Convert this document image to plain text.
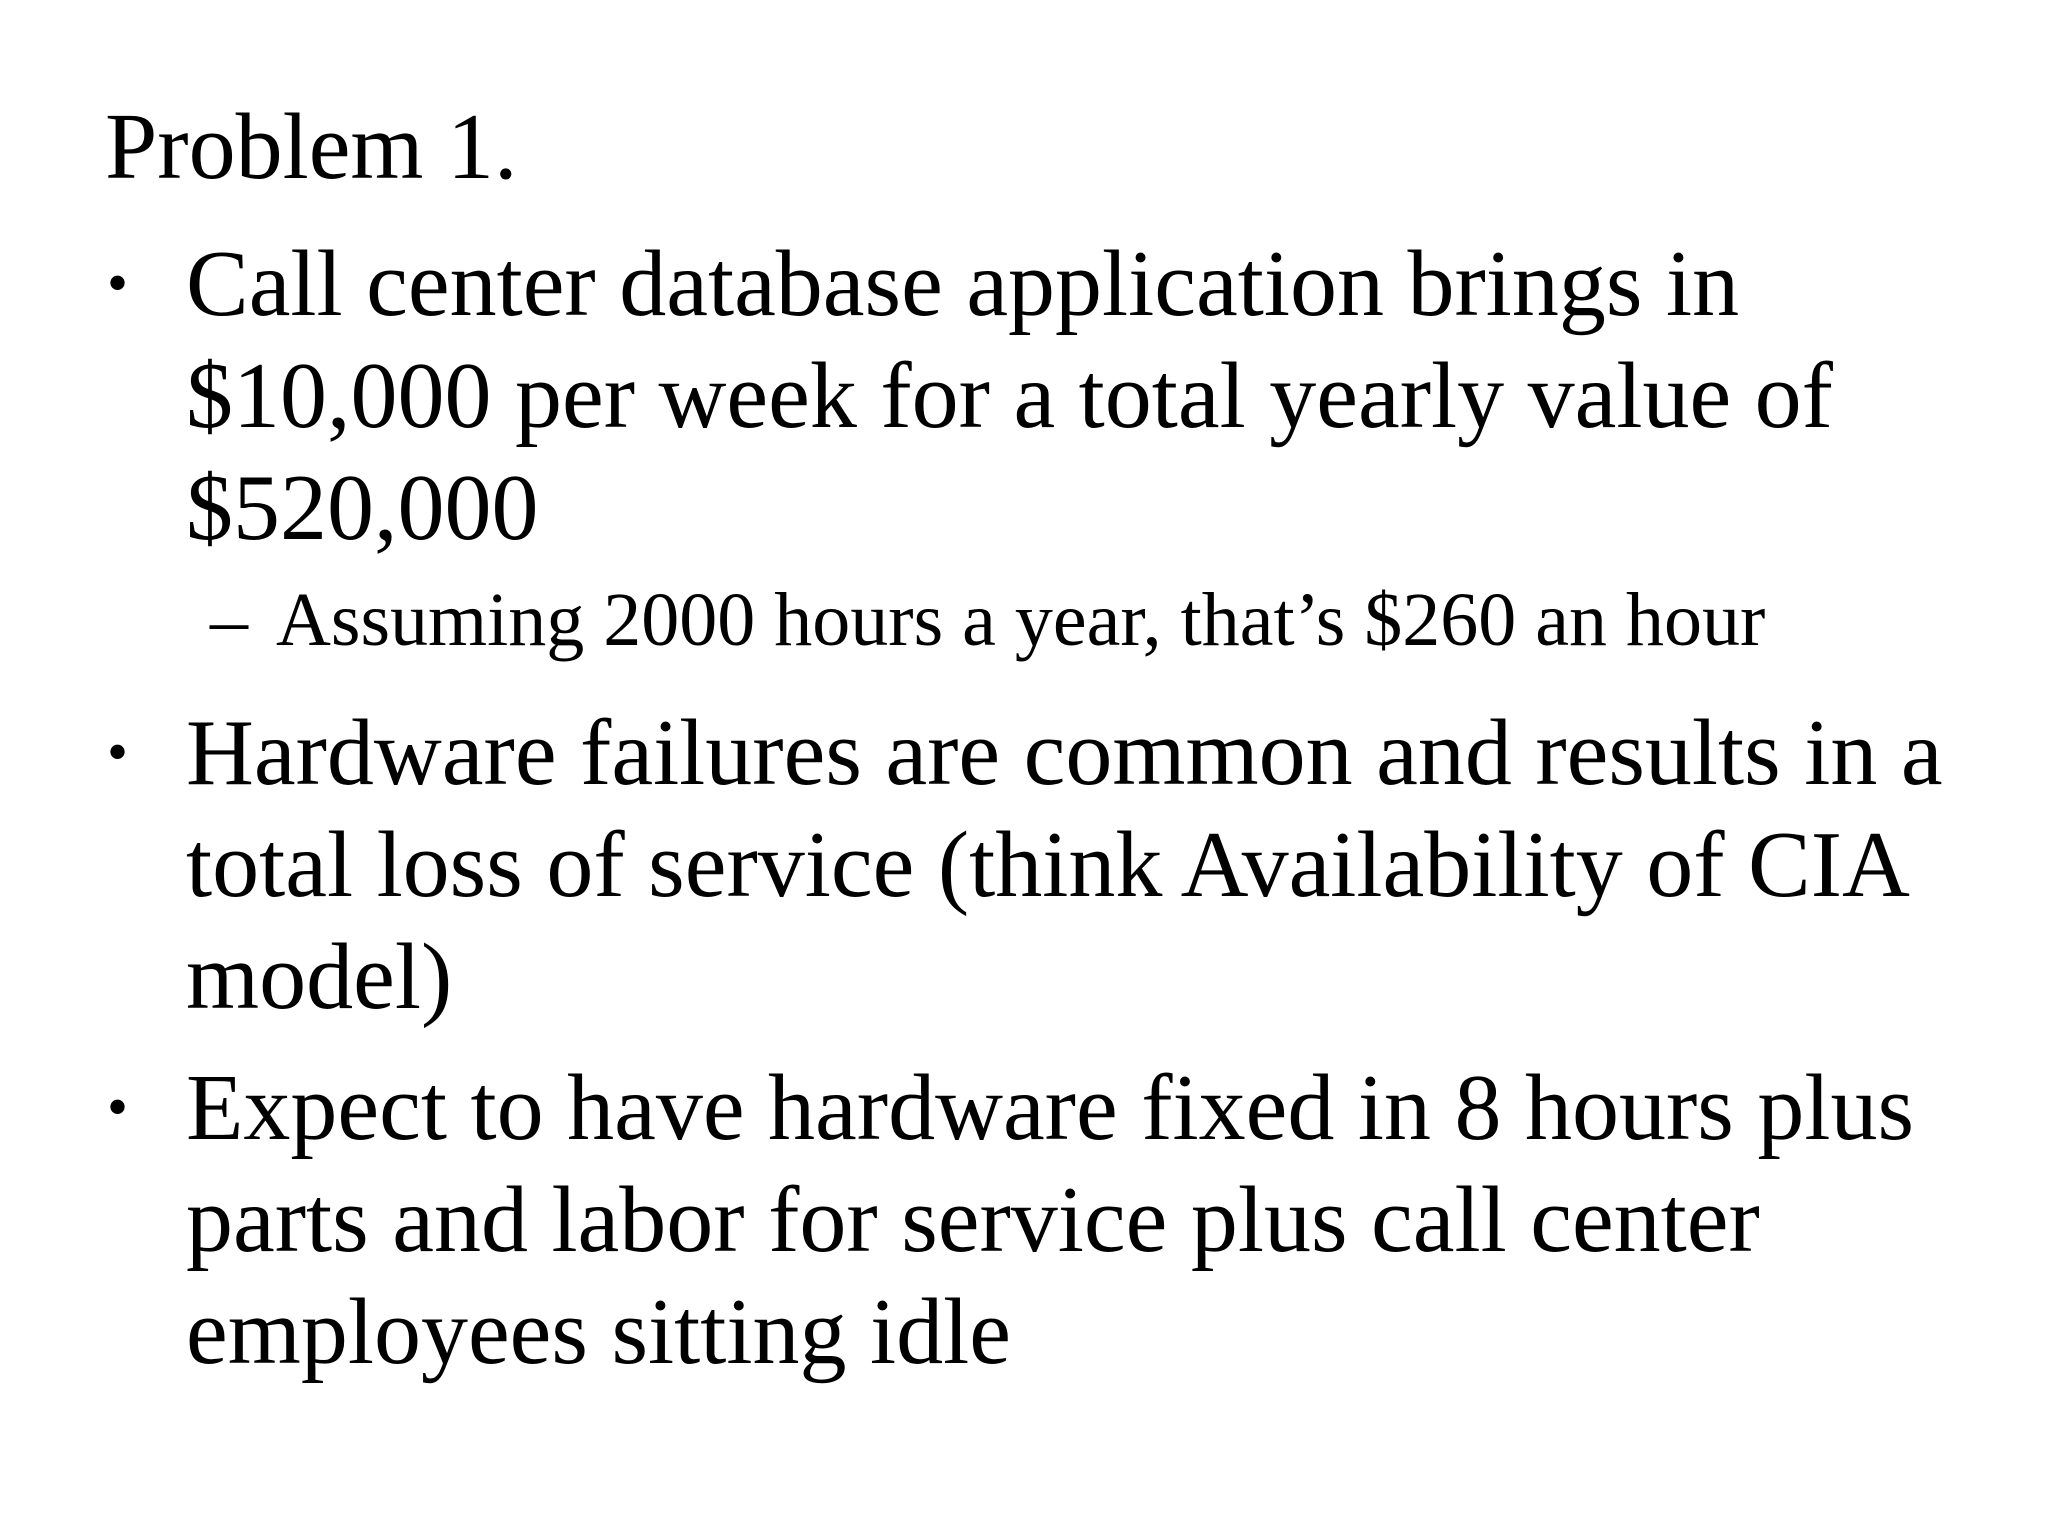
Problem 1.
• Call center database application brings in
$10,000 per week for a total yearly value of
$520,000
– Assuming 2000 hours a year, that’s $260 an hour
• Hardware failures are common and results in a
total loss of service (think Availability of CIA
model)
• Expect to have hardware fixed in 8 hours plus
parts and labor for service plus call center
employees sitting idle
